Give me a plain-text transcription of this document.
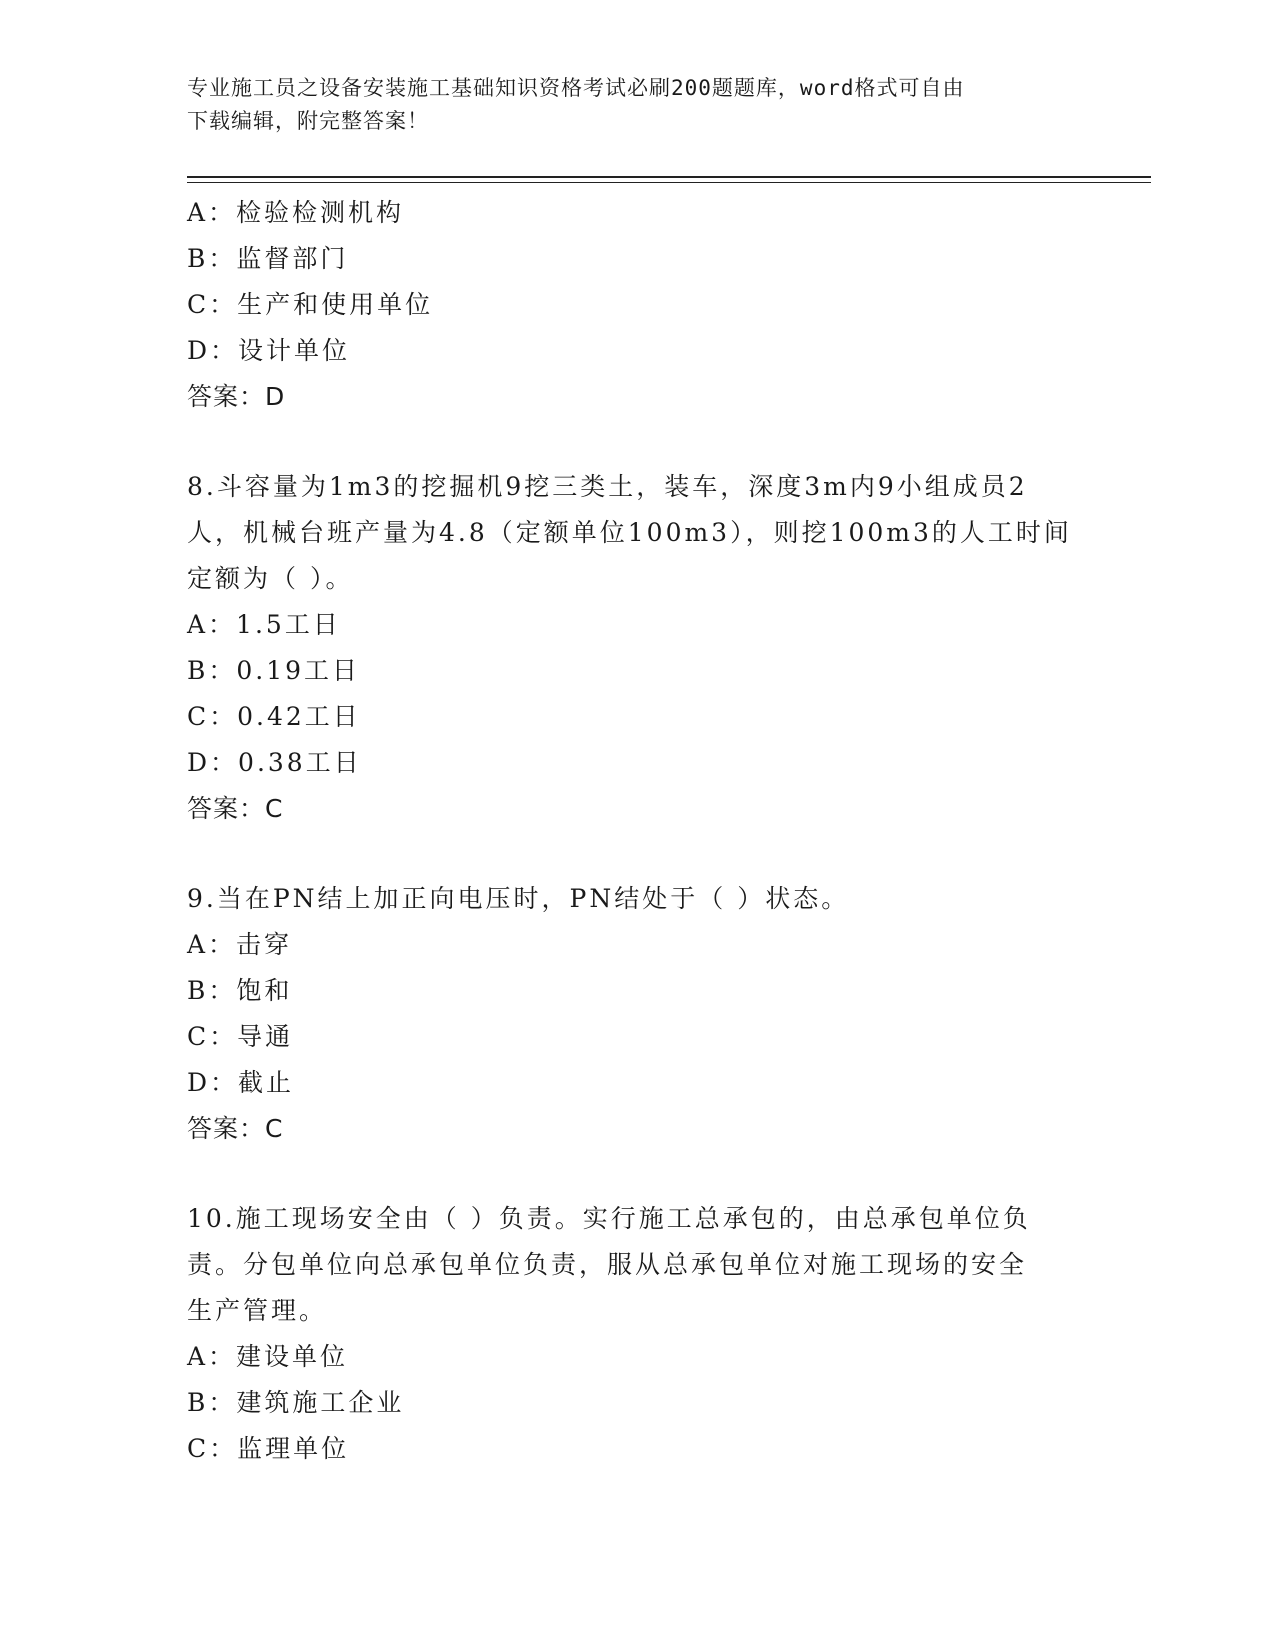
专业施工员之设备安装施工基础知识资格考试必刷200题题库，word格式可自由
下载编辑，附完整答案！
A：检验检测机构
B：监督部门
C：生产和使用单位
D：设计单位
答案：D
8.斗容量为1m3的挖掘机9挖三类土，装车，深度3m内9小组成员2
人，机械台班产量为4.8（定额单位100m3），则挖100m3的人工时间
定额为（ ）。
A：1.5工日
B：0.19工日
C：0.42工日
D：0.38工日
答案：C
9.当在PN结上加正向电压时，PN结处于（ ）状态。
A：击穿
B：饱和
C：导通
D：截止
答案：C
10.施工现场安全由（ ）负责。实行施工总承包的，由总承包单位负
责。分包单位向总承包单位负责，服从总承包单位对施工现场的安全
生产管理。
A：建设单位
B：建筑施工企业
C：监理单位
